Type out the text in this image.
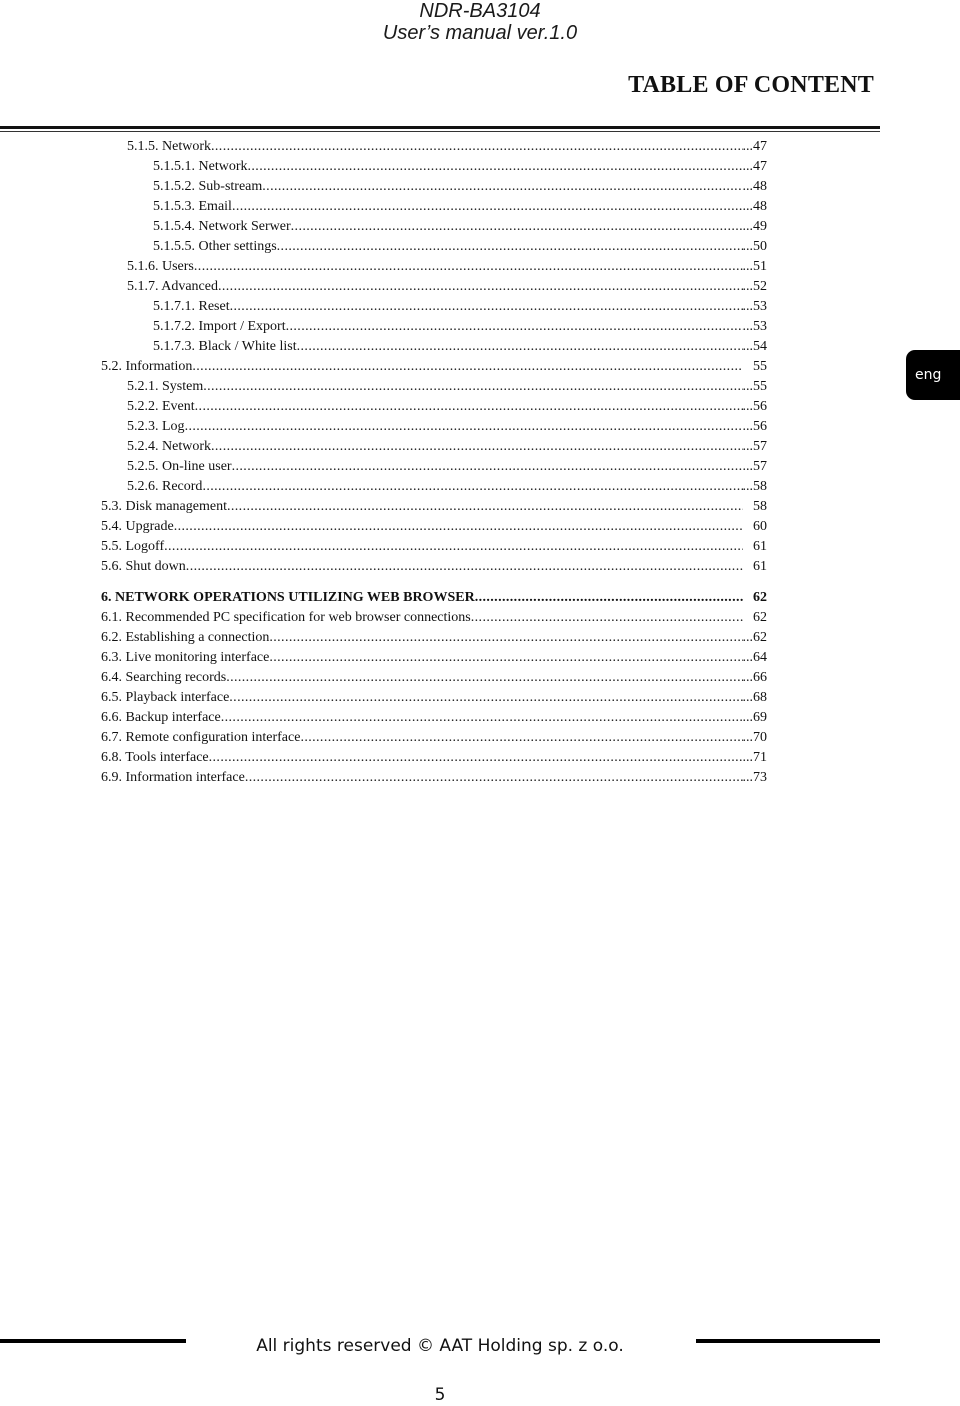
NDR-BA3104
User’s manual ver.1.0
TABLE OF CONTENT
eng
5.1.5. Network .....	...47
5.1.5.1. Network .....	...47
5.1.5.2. Sub-stream .....	...48
5.1.5.3. Email .....	...48
5.1.5.4. Network Serwer .....	...49
5.1.5.5. Other settings .....	...50
5.1.6. Users .....	...51
5.1.7. Advanced .....	...52
5.1.7.1. Reset .....	...53
5.1.7.2. Import / Export .....	...53
5.1.7.3. Black / White list .....	...54
5.2. Information .....	55
5.2.1. System .....	...55
5.2.2. Event .....	...56
5.2.3. Log .....	...56
5.2.4. Network .....	...57
5.2.5. On-line user .....	...57
5.2.6. Record .....	...58
5.3. Disk management .....	58
5.4. Upgrade .....	60
5.5. Logoff .....	61
5.6. Shut down .....	61
6. NETWORK OPERATIONS UTILIZING WEB BROWSER .....	62
6.1. Recommended PC specification for web browser connections .....	62
6.2. Establishing a connection .....	...62
6.3. Live monitoring interface .....	...64
6.4. Searching records .....	...66
6.5. Playback interface .....	...68
6.6. Backup interface .....	...69
6.7. Remote configuration interface .....	...70
6.8. Tools interface .....	...71
6.9. Information interface .....	...73
All rights reserved © AAT Holding sp. z o.o.
5
